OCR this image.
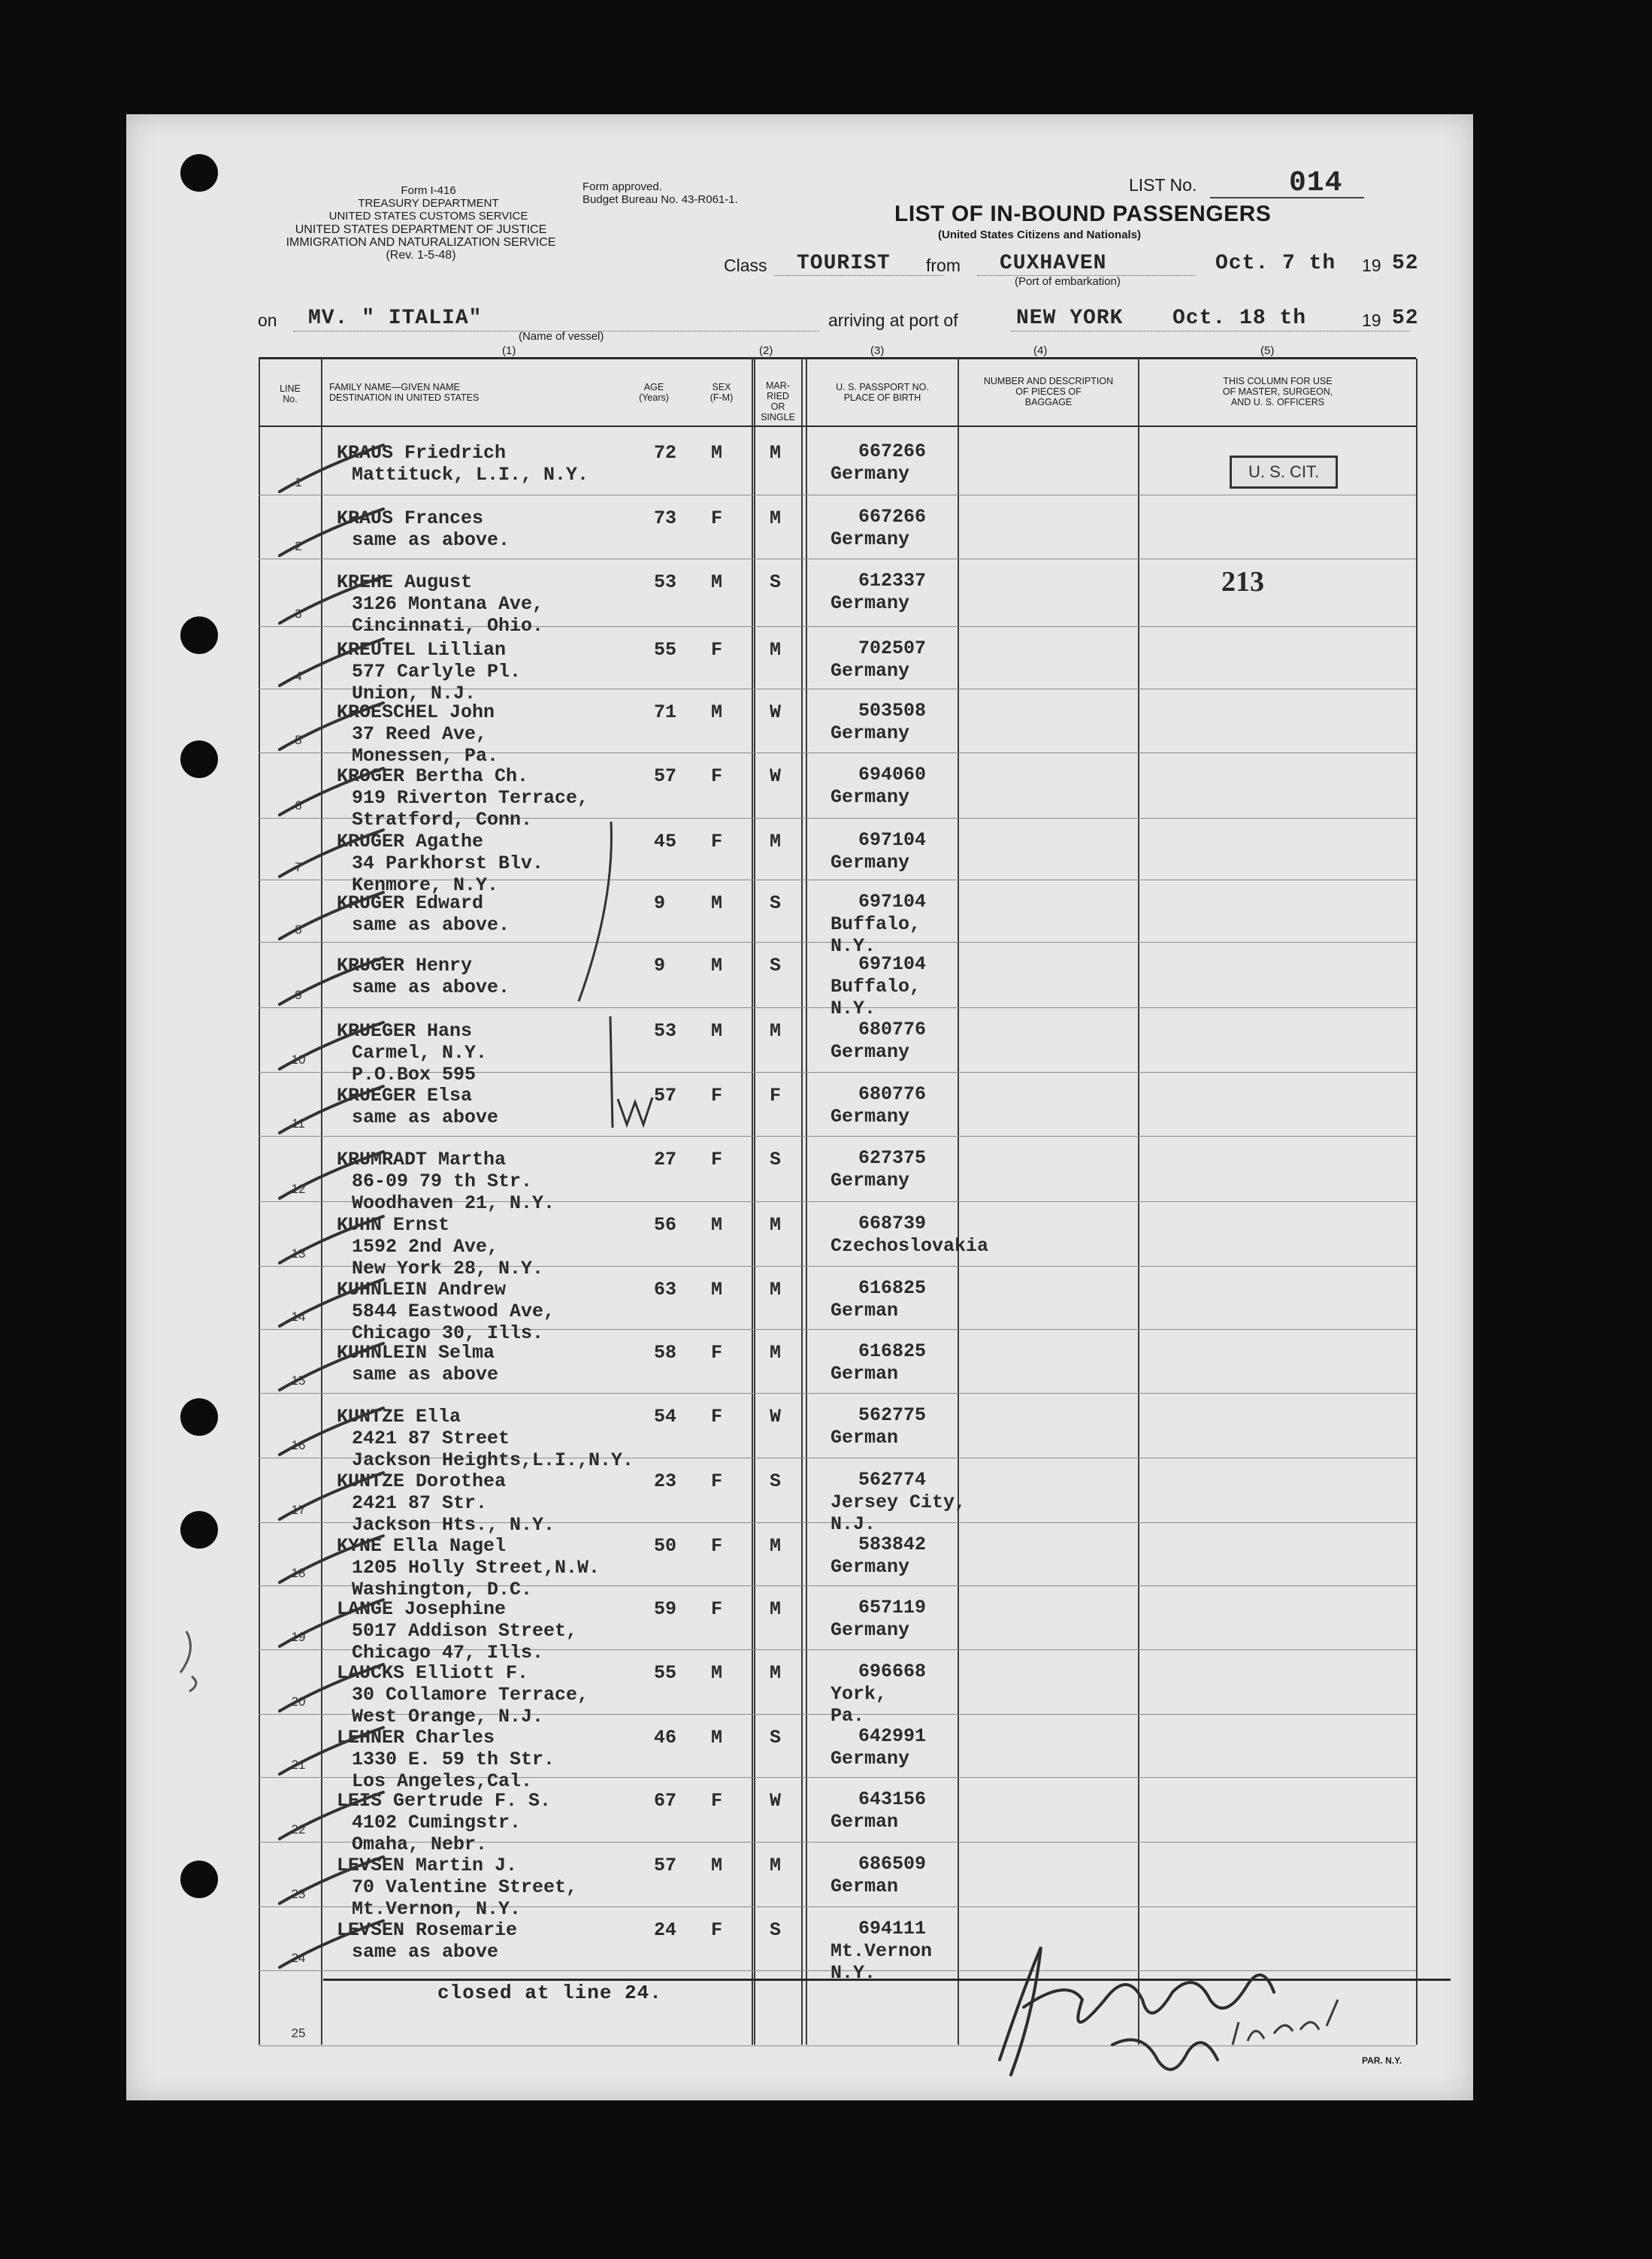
Form I-416
TREASURY DEPARTMENT
UNITED STATES CUSTOMS SERVICE
UNITED STATES DEPARTMENT OF JUSTICE
IMMIGRATION AND NATURALIZATION SERVICE
(Rev. 1-5-48)
Form approved.
Budget Bureau No. 43-R061-1.
LIST No.	014
LIST OF IN-BOUND PASSENGERS
(United States Citizens and Nationals)
Class TOURIST from CUXHAVEN
(Port of embarkation)
Oct. 7 th 19 52
on MV. " ITALIA"
(Name of vessel)
arriving at port of	NEW YORK Oct. 18 th	19 52
(1)	(2)	(3)	(4)	(5)
LINE
No.
FAMILY NAME—GIVEN NAME
DESTINATION IN UNITED STATES
AGE
(Years)
SEX
(F-M)
MAR-
RIED
OR
SINGLE
U. S. PASSPORT NO.
PLACE OF BIRTH
NUMBER AND DESCRIPTION
OF PIECES OF
BAGGAGE
THIS COLUMN FOR USE
OF MASTER, SURGEON,
AND U. S. OFFICERS
1
KRAUS Friedrich
Mattituck, L.I., N.Y.
72 M	M	667266
Germany
2
KRAUS Frances
same as above.
73 F	M	667266
Germany
3
KREHE August
3126 Montana Ave,
Cincinnati, Ohio.
53 M	S	612337
Germany
4
KREUTEL Lillian
577 Carlyle Pl.
Union, N.J.
55 F	M	702507
Germany
5
KROESCHEL John
37 Reed Ave,
Monessen, Pa.
71 M	W	503508
Germany
6
KROGER Bertha Ch.
919 Riverton Terrace,
Stratford, Conn.
57 F	W	694060
Germany
7
KRUGER Agathe
34 Parkhorst Blv.
Kenmore, N.Y.
45 F	M	697104
Germany
8
KRUGER Edward
same as above.
9 M	S	697104
Buffalo,
N.Y.
9
KRUGER Henry
same as above.
9 M	S	697104
Buffalo,
N.Y.
10
KRUEGER Hans
Carmel, N.Y.
P.O.Box 595
53 M	M	680776
Germany
11
KRUEGER Elsa
same as above
57 F	F	680776
Germany
12
KRUMRADT Martha
86-09 79 th Str.
Woodhaven 21, N.Y.
27 F	S	627375
Germany
13
KUHN Ernst
1592 2nd Ave,
New York 28, N.Y.
56 M	M	668739
Czechoslovakia
14
KUHNLEIN Andrew
5844 Eastwood Ave,
Chicago 30, Ills.
63 M	M	616825
German
15
KUHNLEIN Selma
same as above
58 F	M	616825
German
16
KUNTZE Ella
2421 87 Street
Jackson Heights,L.I.,N.Y.
54 F	W	562775
German
17
KUNTZE Dorothea
2421 87 Str.
Jackson Hts., N.Y.
23 F	S	562774
Jersey City,
N.J.
18
KYNE Ella Nagel
1205 Holly Street,N.W.
Washington, D.C.
50 F	M	583842
Germany
19
LANGE Josephine
5017 Addison Street,
Chicago 47, Ills.
59 F	M	657119
Germany
20
LAUCKS Elliott F.
30 Collamore Terrace,
West Orange, N.J.
55 M	M	696668
York,
Pa.
21
LEHNER Charles
1330 E. 59 th Str.
Los Angeles,Cal.
46 M	S	642991
Germany
22
LEIS Gertrude F. S.
4102 Cumingstr.
Omaha, Nebr.
67 F	W	643156
German
23
LEVSEN Martin J.
70 Valentine Street,
Mt.Vernon, N.Y.
57 M	M	686509
German
24
LEVSEN Rosemarie
same as above
24 F	S	694111
Mt.Vernon
N.Y.
25
U. S. CIT.
213
closed at line 24.
PAR. N.Y.
